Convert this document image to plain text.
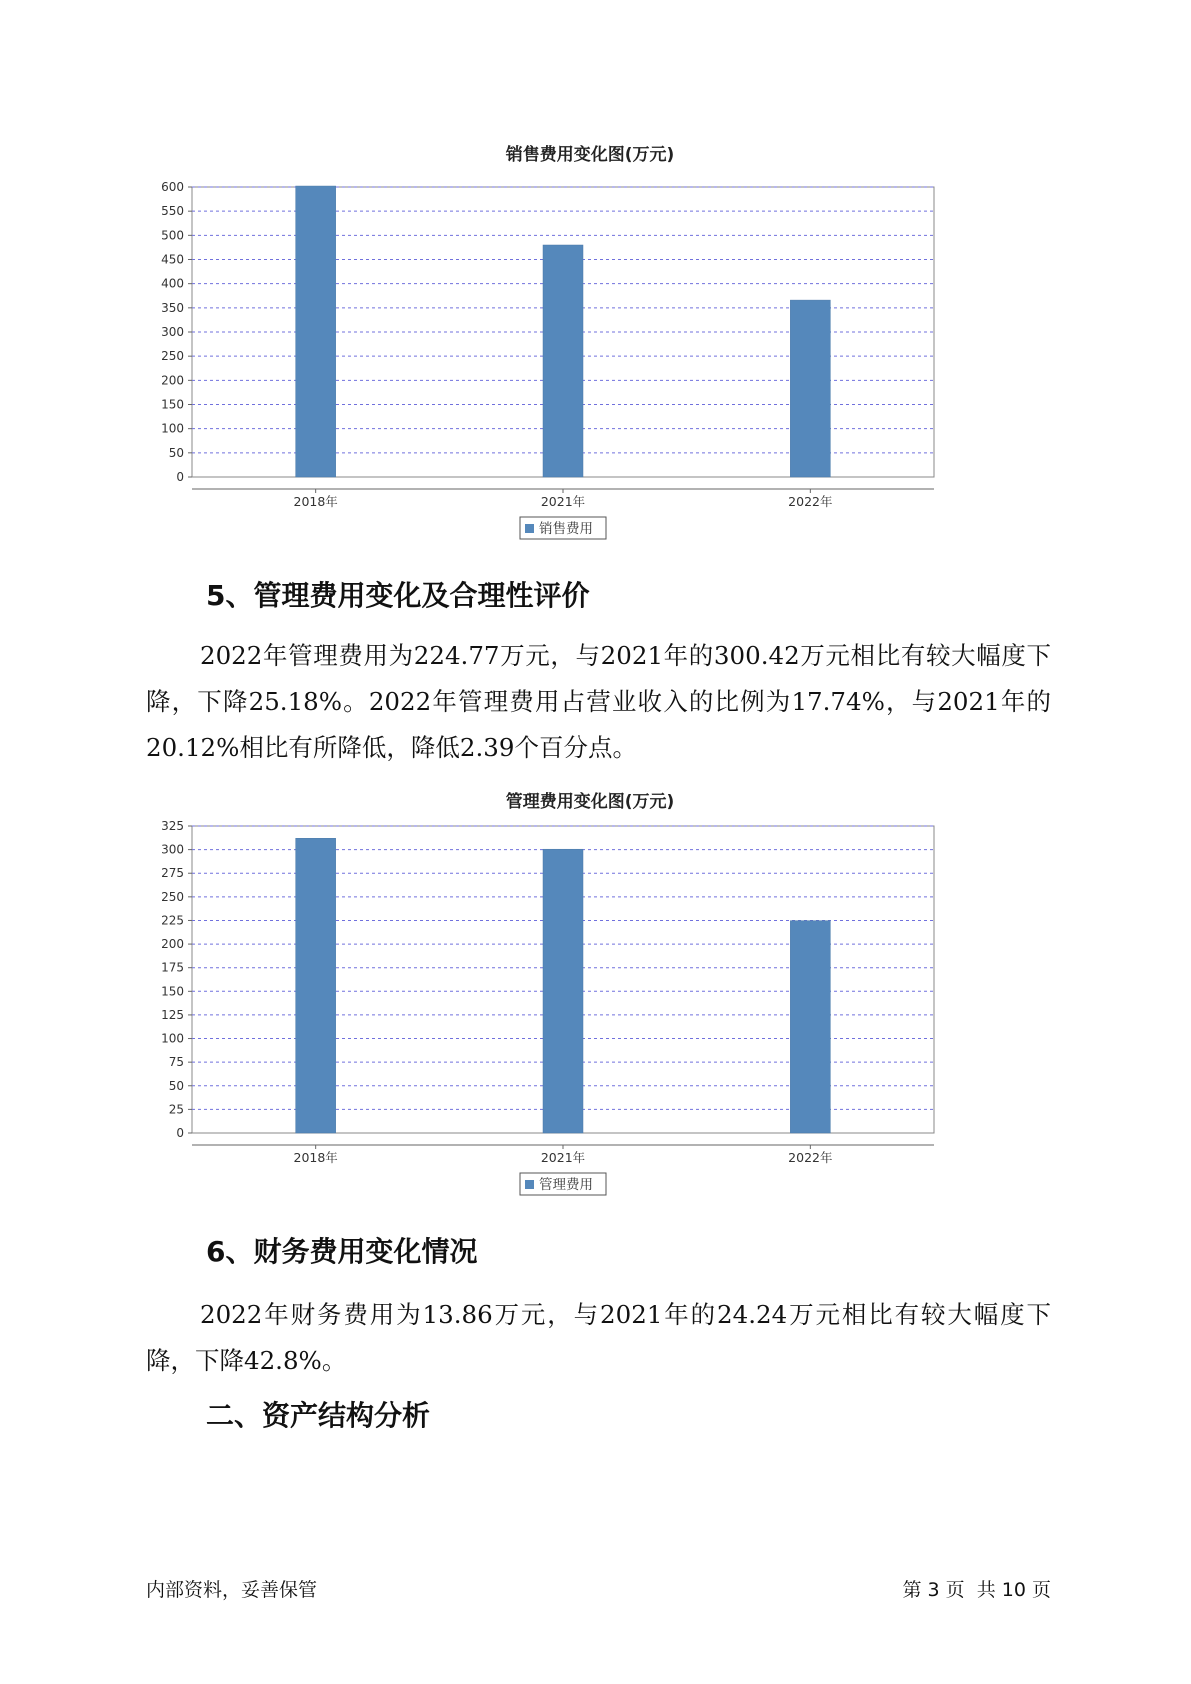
销售费用变化图(万元)
0
50
100
150
200
250
300
350
400
450
500
550
600
2018年	2021年	2022年
销售费用
管理费用变化图(万元)
0
25
50
75
100
125
150
175
200
225
250
275
300
325
2018年	2021年	2022年
管理费用
5、管理费用变化及合理性评价

2022年管理费用为224.77万元，与2021年的300.42万元相比有较大幅度下降，下降25.18%。2022年管理费用占营业收入的比例为17.74%，与2021年的20.12%相比有所降低，降低2.39个百分点。

6、财务费用变化情况

2022年财务费用为13.86万元，与2021年的24.24万元相比有较大幅度下降，下降42.8%。

二、资产结构分析
内部资料，妥善保管	第 3 页  共 10 页
